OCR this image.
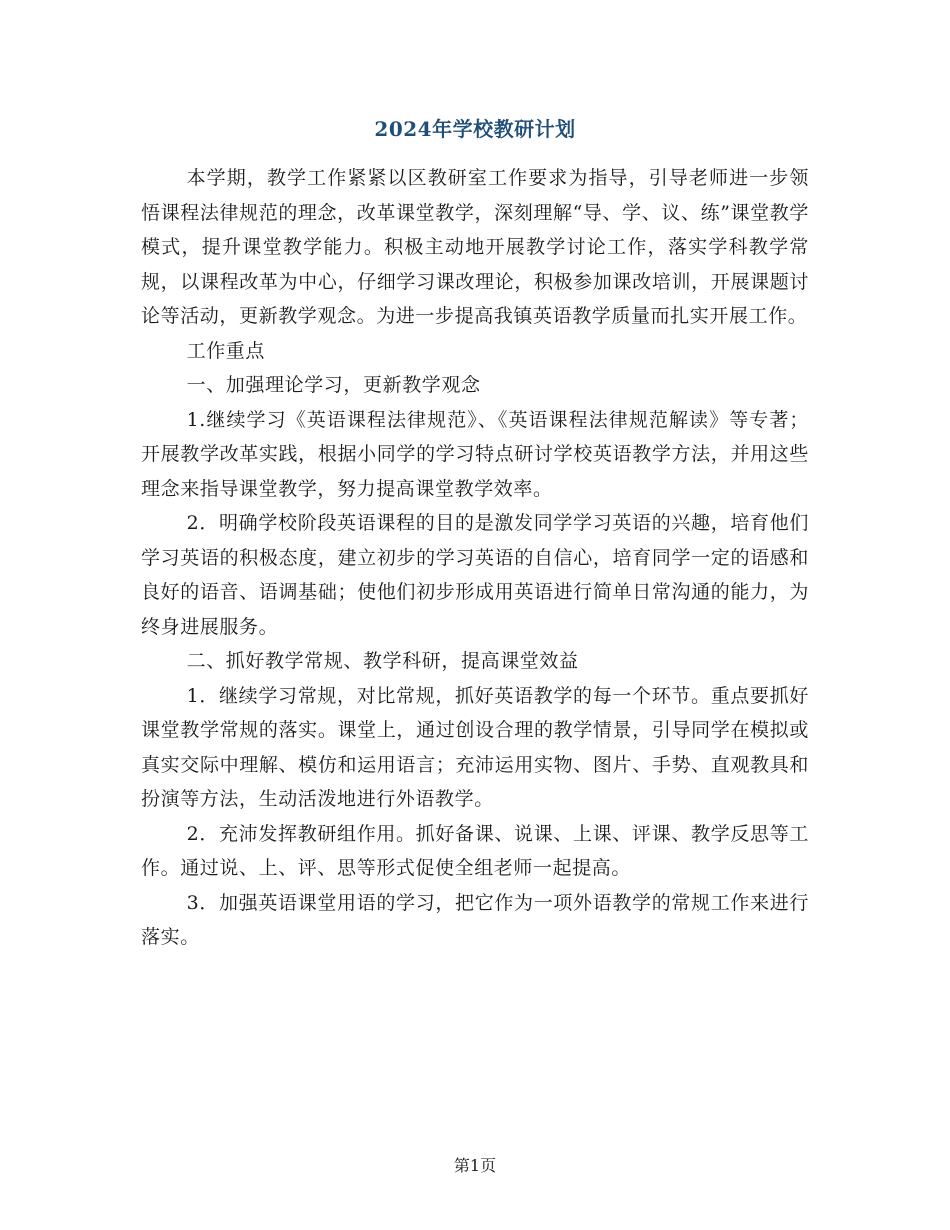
2024年学校教研计划

本学期，教学工作紧紧以区教研室工作要求为指导，引导老师进一步领悟课程法律规范的理念，改革课堂教学，深刻理解“导、学、议、练”课堂教学模式，提升课堂教学能力。积极主动地开展教学讨论工作，落实学科教学常规，以课程改革为中心，仔细学习课改理论，积极参加课改培训，开展课题讨论等活动，更新教学观念。为进一步提高我镇英语教学质量而扎实开展工作。

工作重点

一、加强理论学习，更新教学观念

1.继续学习《英语课程法律规范》、《英语课程法律规范解读》等专著；开展教学改革实践，根据小同学的学习特点研讨学校英语教学方法，并用这些理念来指导课堂教学，努力提高课堂教学效率。

2．明确学校阶段英语课程的目的是激发同学学习英语的兴趣，培育他们学习英语的积极态度，建立初步的学习英语的自信心，培育同学一定的语感和良好的语音、语调基础；使他们初步形成用英语进行简单日常沟通的能力，为终身进展服务。

二、抓好教学常规、教学科研，提高课堂效益

1．继续学习常规，对比常规，抓好英语教学的每一个环节。重点要抓好课堂教学常规的落实。课堂上，通过创设合理的教学情景，引导同学在模拟或真实交际中理解、模仿和运用语言；充沛运用实物、图片、手势、直观教具和扮演等方法，生动活泼地进行外语教学。

2．充沛发挥教研组作用。抓好备课、说课、上课、评课、教学反思等工作。通过说、上、评、思等形式促使全组老师一起提高。

3．加强英语课堂用语的学习，把它作为一项外语教学的常规工作来进行落实。

第1页
